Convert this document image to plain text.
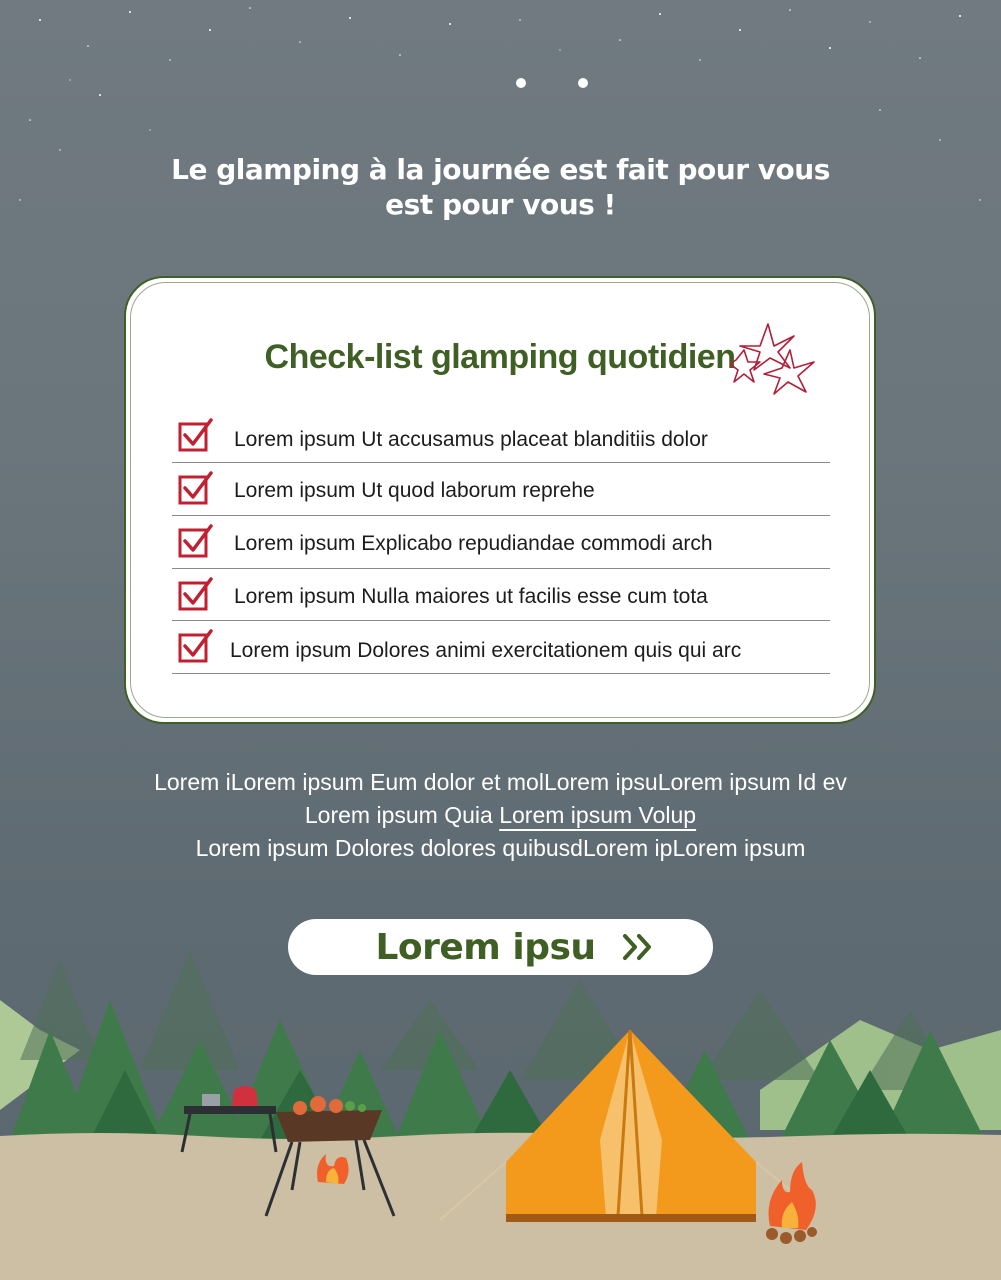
Le glamping à la journée est fait pour vous
est pour vous !
Check-list glamping quotidien
Lorem ipsum Ut accusamus placeat blanditiis dolor
Lorem ipsum Ut quod laborum reprehe
Lorem ipsum Explicabo repudiandae commodi arch
Lorem ipsum Nulla maiores ut facilis esse cum tota
Lorem ipsum Dolores animi exercitationem quis qui arc
Lorem iLorem ipsum Eum dolor et molLorem ipsuLorem ipsum Id ev
Lorem ipsum Quia Lorem ipsum Volup
Lorem ipsum Dolores dolores quibusdLorem ipLorem ipsum
Lorem ipsu
